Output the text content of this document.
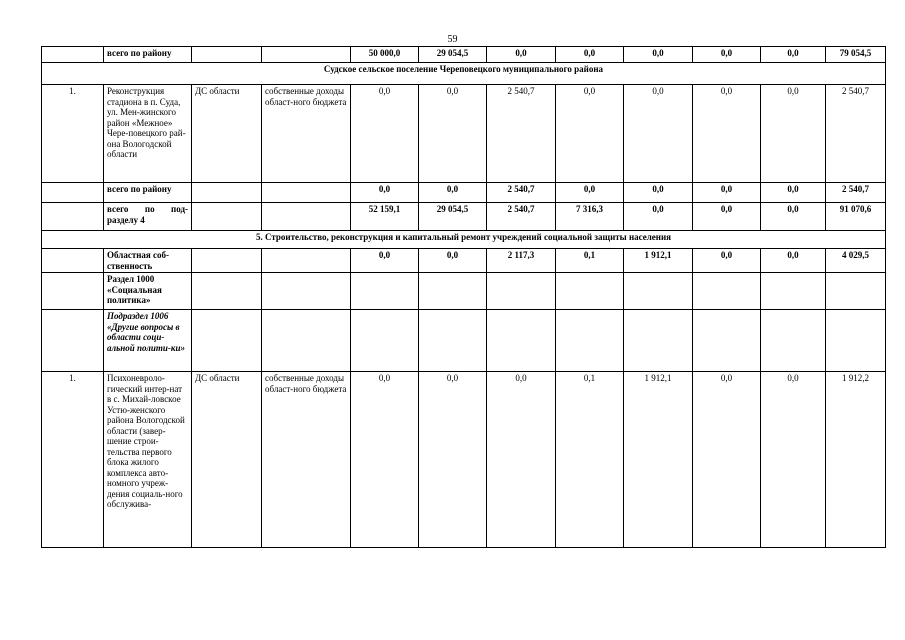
59
	всего по району			50 000,0	29 054,5	0,0	0,0	0,0	0,0	0,0	79 054,5
Судское сельское поселение Череповецкого муниципального района											
1.	Реконструкция стадиона в п. Суда, ул. Мен-жинского район «Межное» Чере-повецкого рай-она Вологодской области	ДС области	собственные доходы област-ного бюджета	0,0	0,0	2 540,7	0,0	0,0	0,0	0,0	2 540,7
	всего по району			0,0	0,0	2 540,7	0,0	0,0	0,0	0,0	2 540,7
	всего по под-разделу 4			52 159,1	29 054,5	2 540,7	7 316,3	0,0	0,0	0,0	91 070,6
5. Строительство, реконструкция и капитальный ремонт учреждений социальной защиты населения											
	Областная соб-ственность			0,0	0,0	2 117,3	0,1	1 912,1	0,0	0,0	4 029,5
	Раздел 1000 «Социальная политика»										
	Подраздел 1006 «Другие вопросы в области соци-альной полити-ки»										
1.	Психоневроло-гический интер-нат в с. Михай-ловское Устю-женского района Вологодской области (завер-шение строи-тельства первого блока жилого комплекса авто-номного учреж-дения социаль-ного обслужива-	ДС области	собственные доходы област-ного бюджета	0,0	0,0	0,0	0,1	1 912,1	0,0	0,0	1 912,2
